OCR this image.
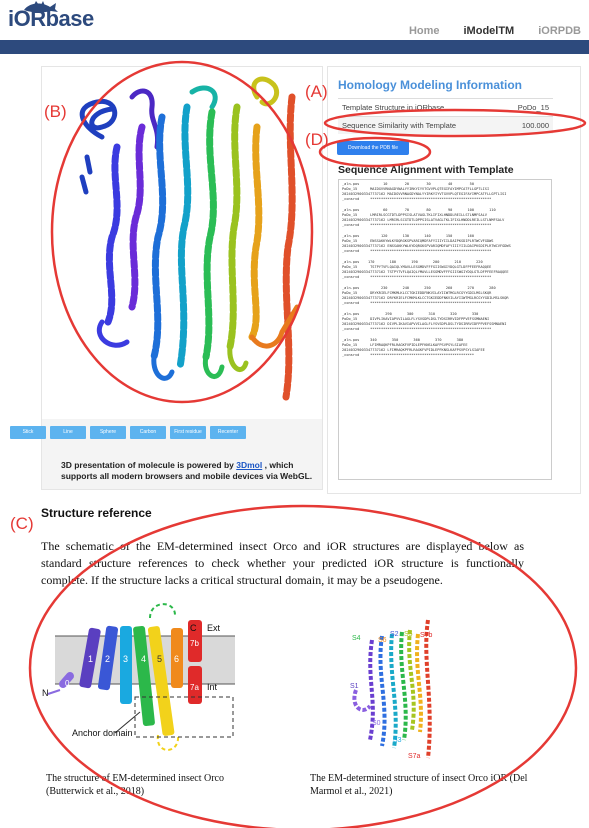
iORbase	Home iModelTM iORPDB
Stick	Line	Sphere	Carbon	First residue	Recenter
3D presentation of molecule is powered by 3Dmol , which supports all modern browsers and mobile devices via WebGL.
Homology Modeling Information
Template Structure in iORbase	PoDo_15
Sequence Similarity with Template	100.000
Download the PDB file
Sequence Alignment with Template
_aln.pos           10        20        30        40        50
PoDo_15      MAIDGVVRNAGDYNALYYIRKYIYVTGVVPLQTEGIFAYIMPCATFLLGPTLISI
20240329003347737162 MAIDGVVRNAGDYNALYYIRKYIYVTGVVPLQTEGIFAYIMPCATFLLGPTLISI
_consrvd     ********************************************************
_aln.pos           60        70        80        90       100       110
PoDo_15      LMRIRLSCGTDTLDPPSISLATVAGLTKLIFIXLHNDDLREILLSTLNMFSALV
20240329003347737162 LMRIRLSCGTDTLDPPSISLATVAGLTKLIFIXLHNDDLREILLSTLNMFSALV
_consrvd     ********************************************************
_aln.pos          120       130       140       150       160
PoDo_15      ENSSAKKYWLKYDQRGKSPVARIQMDFAFYIIIYIILDAIPKSDIPLRTWCVFGDWS
20240329003347737162 ENSSAKKYWLKYDQRGKSPVARIQMDFAFYIIIYIILDAIPKSDIPLRTWCVFGDWS
_consrvd     ********************************************************
_aln.pos    170       180       190       200       210       220
PoDo_15      TSTPYTVFLQAIQLYMAVLLESGMDVFFFGIISWGIYDQLGTLDFPFEEFRAQQEE
20240329003347737162 TSTPYTVFLQAIQLYMAVLLESGMDVFFFGIISWGIYDQLGTLDFPFEEFRAQQEE
_consrvd     ********************************************************
_aln.pos          230       240       250       260       270       280
PoDo_15      DRYKRIELFCMKMLKLCCTGKIEDDFNKVILAYIIWTMGLRCGYYGDILMSLSKQR
20240329003347737162 DRYKRIELFCMKMLKLCCTGKIEDDFNKVILAYIIWTMGLRCGYYGDILMSLSKQR
_consrvd     ********************************************************
_aln.pos            290       300       310       320       330
PoDo_15      DIVPLIKAVIAPVVILAGLFLYSVSDPLDSLTYDSIRRVIDFPPVEFSSMNAENI
20240329003347737162 DIVPLIKAVIAPVVILAGLFLYSVSDPLDSLTYDSIRRVIDFPPVEFSSMNAENI
_consrvd     ********************************************************
_aln.pos     340       350       360       370       380
PoDo_15      LFIMRAQKPFRLRAGKFVPIDLEPFKNSLKAFPSVPSYLSIAFEE
20240329003347737162 LFIMRAQKPFRLRAGKFVPIDLEPFKNSLKAFPSVPSYLSIAFEE
_consrvd     ************************************************
Structure reference
The schematic of the EM-determined insect Orco and iOR structures are displayed below as standard structure references to check whether your predicted iOR structure is functionally complete. If the structure lacks a critical structural domain, it may be a pseudogene.
0
1 2 3 4 5 6
7b
7a
N
C Ext
Int
Anchor domain
S4 S6
S2 S5 S7b
S1
S0
S3
S7a
The structure of EM-determined insect Orco (Butterwick et al., 2018)
The EM-determined structure of insect Orco iOR (Del Marmol et al., 2021)
(A)
(B)
(C)
(D)
